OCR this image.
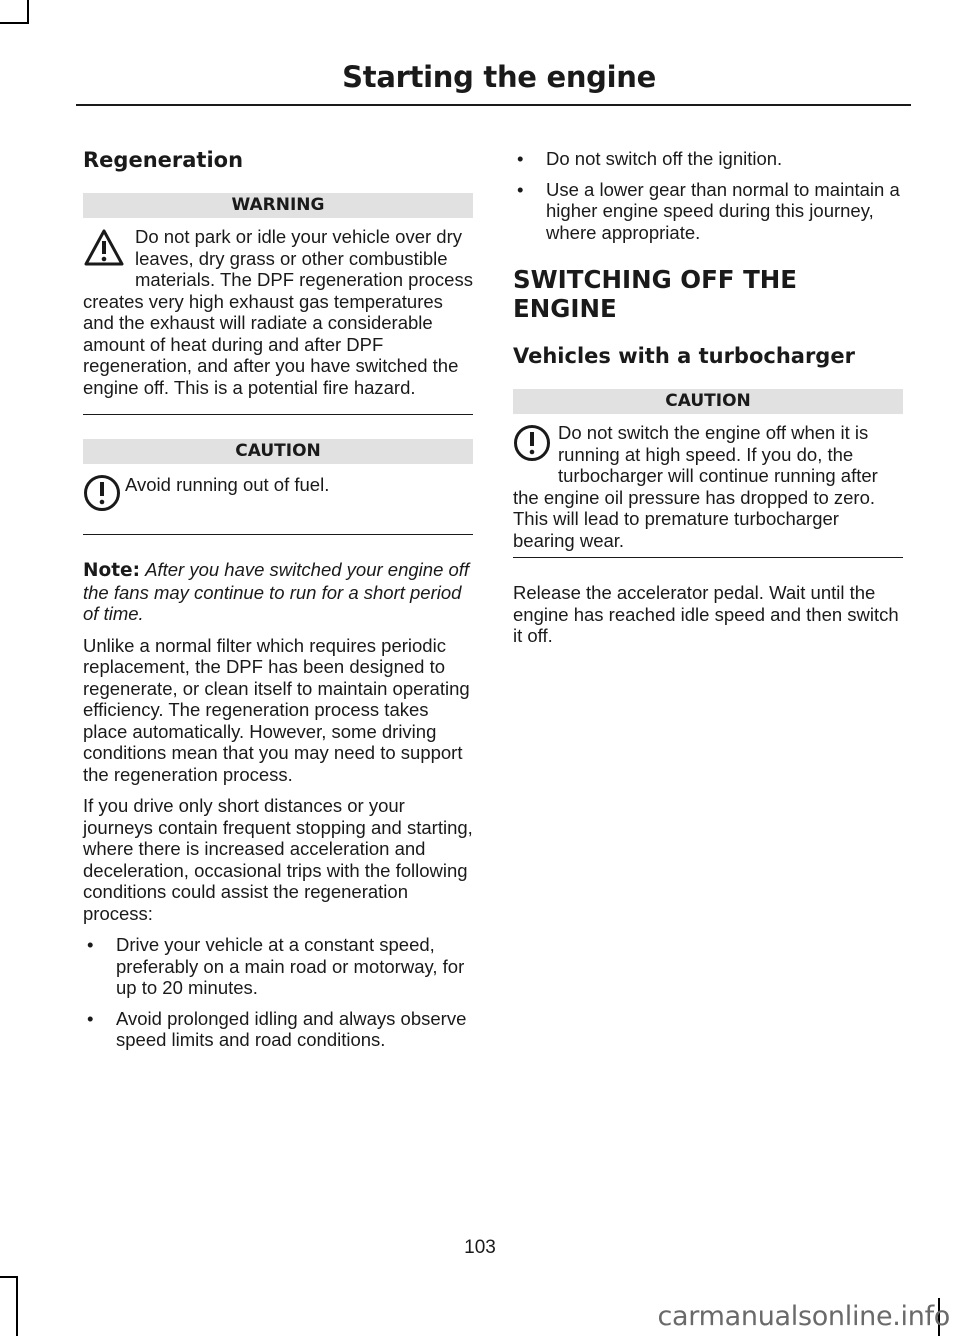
Starting the engine
Regeneration
WARNING

Do not park or idle your vehicle over dry leaves, dry grass or other combustible materials. The DPF regeneration process creates very high exhaust gas temperatures and the exhaust will radiate a considerable amount of heat during and after DPF regeneration, and after you have switched the engine off. This is a potential fire hazard.

CAUTION

Avoid running out of fuel.

Note: After you have switched your engine off the fans may continue to run for a short period of time.

Unlike a normal filter which requires periodic replacement, the DPF has been designed to regenerate, or clean itself to maintain operating efficiency. The regeneration process takes place automatically. However, some driving conditions mean that you may need to support the regeneration process.

If you drive only short distances or your journeys contain frequent stopping and starting, where there is increased acceleration and deceleration, occasional trips with the following conditions could assist the regeneration process:

• Drive your vehicle at a constant speed, preferably on a main road or motorway, for up to 20 minutes.
• Avoid prolonged idling and always observe speed limits and road conditions.
• Do not switch off the ignition.
• Use a lower gear than normal to maintain a higher engine speed during this journey, where appropriate.
SWITCHING OFF THE ENGINE
Vehicles with a turbocharger
CAUTION

Do not switch the engine off when it is running at high speed. If you do, the turbocharger will continue running after the engine oil pressure has dropped to zero. This will lead to premature turbocharger bearing wear.

Release the accelerator pedal. Wait until the engine has reached idle speed and then switch it off.

103
carmanualsonline.info
